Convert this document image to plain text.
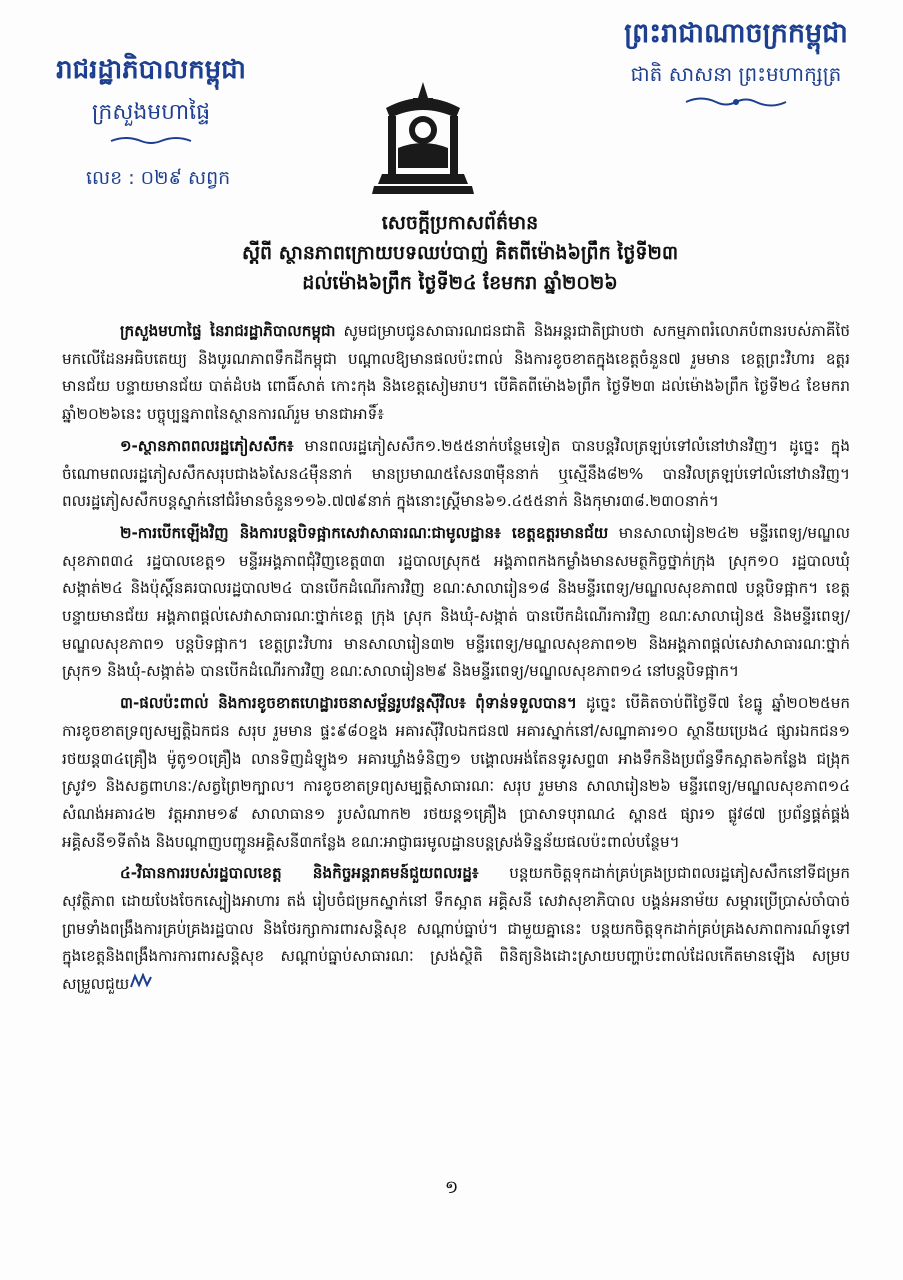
ព្រះរាជាណាចក្រកម្ពុជា
ជាតិ សាសនា ព្រះមហាក្សត្រ
រាជរដ្ឋាភិបាលកម្ពុជា
ក្រសួងមហាផ្ទៃ
លេខ : ០២៩ សព្វក
សេចក្តីប្រកាសព័ត៌មាន
ស្តីពី ស្ថានភាពក្រោយបទឈប់បាញ់ គិតពីម៉ោង៦ព្រឹក ថ្ងៃទី២៣
ដល់ម៉ោង៦ព្រឹក ថ្ងៃទី២៤ ខែមករា ឆ្នាំ២០២៦

ក្រសួងមហាផ្ទៃ នៃរាជរដ្ឋាភិបាលកម្ពុជា សូមជម្រាបជូនសាធារណជនជាតិ និងអន្តរជាតិជ្រាបថា សកម្មភាពរំលោភបំពានរបស់ភាគីថៃ មកលើដែនអធិបតេយ្យ និងបូរណភាពទឹកដីកម្ពុជា បណ្តាលឱ្យមានផលប៉ះពាល់ និងការខូចខាតក្នុងខេត្តចំនួន៧ រួមមាន ខេត្តព្រះវិហារ ឧត្តរមានជ័យ បន្ទាយមានជ័យ បាត់ដំបង ពោធិ៍សាត់ កោះកុង និងខេត្តសៀមរាប។ បើគិតពីម៉ោង៦ព្រឹក ថ្ងៃទី២៣ ដល់ម៉ោង៦ព្រឹក ថ្ងៃទី២៤ ខែមករា ឆ្នាំ២០២៦នេះ បច្ចុប្បន្នភាពនៃស្ថានការណ៍រួម មានជាអាទិ៍៖

១-ស្ថានភាពពលរដ្ឋភៀសសឹក៖ មានពលរដ្ឋភៀសសឹក១.២៥៥នាក់បន្ថែមទៀត បានបន្តវិលត្រឡប់ទៅលំនៅឋានវិញ។ ដូច្នេះ ក្នុងចំណោមពលរដ្ឋភៀសសឹកសរុបជាង៦សែន៤ម៉ឺននាក់ មានប្រមាណ៥សែន៣ម៉ឺននាក់ ឬស្មើនឹង៨២% បានវិលត្រឡប់ទៅលំនៅឋានវិញ។ ពលរដ្ឋភៀសសឹកបន្តស្នាក់នៅជំរំមានចំនួន១១៦.៧៧៩នាក់ ក្នុងនោះស្ត្រីមាន៦១.៤៥៥នាក់ និងកុមារ៣៨.២៣០នាក់។

២-ការបើកឡើងវិញ និងការបន្តបិទផ្អាកសេវាសាធារណៈជាមូលដ្ឋាន៖ ខេត្តឧត្តរមានជ័យ មានសាលារៀន២៤២ មន្ទីរពេទ្យ/មណ្ឌលសុខភាព៣៤ រដ្ឋបាលខេត្ត១ មន្ទីរអង្គភាពជុំវិញខេត្ត៣៣ រដ្ឋបាលស្រុក៥ អង្គភាពកងកម្លាំងមានសមត្ថកិច្ចថ្នាក់ក្រុង ស្រុក១០ រដ្ឋបាលឃុំសង្កាត់២៤ និងប៉ុស្តិ៍នគរបាលរដ្ឋបាល២៤ បានបើកដំណើរការវិញ ខណៈសាលារៀន១៨ និងមន្ទីរពេទ្យ/មណ្ឌលសុខភាព៧ បន្តបិទផ្អាក។ ខេត្តបន្ទាយមានជ័យ អង្គភាពផ្តល់សេវាសាធារណៈថ្នាក់ខេត្ត ក្រុង ស្រុក និងឃុំ-សង្កាត់ បានបើកដំណើរការវិញ ខណៈសាលារៀន៥ និងមន្ទីរពេទ្យ/មណ្ឌលសុខភាព១ បន្តបិទផ្អាក។ ខេត្តព្រះវិហារ មានសាលារៀន៣២ មន្ទីរពេទ្យ/មណ្ឌលសុខភាព១២ និងអង្គភាពផ្តល់សេវាសាធារណៈថ្នាក់ស្រុក១ និងឃុំ-សង្កាត់៦ បានបើកដំណើរការវិញ ខណៈសាលារៀន២៩ និងមន្ទីរពេទ្យ/មណ្ឌលសុខភាព១៤ នៅបន្តបិទផ្អាក។

៣-ផលប៉ះពាល់ និងការខូចខាតហេដ្ឋារចនាសម្ព័ន្ធរូបវន្តស៊ីវិល៖ ពុំទាន់ទទួលបាន។ ដូច្នេះ បើគិតចាប់ពីថ្ងៃទី៧ ខែធ្នូ ឆ្នាំ២០២៥មក ការខូចខាតទ្រព្យសម្បត្តិឯកជន សរុប រួមមាន ផ្ទះ៩៨០ខ្នង អគារស៊ីវិលឯកជន៧ អគារស្នាក់នៅ/សណ្ឋាគារ១០ ស្ថានីយប្រេង៤ ផ្សារឯកជន១ រថយន្ត៣៤គ្រឿង ម៉ូតូ១០គ្រឿង លានទិញដំឡូង១ អគារឃ្លាំងទំនិញ១ បង្គោលអង់តែនទូរសព្ទ៣ អាងទឹកនិងប្រព័ន្ធទឹកស្អាត៦កន្លែង ជង្រុកស្រូវ១ និងសត្វពាហនៈ/សត្វព្រៃ២ក្បាល។ ការខូចខាតទ្រព្យសម្បត្តិសាធារណៈ សរុប រួមមាន សាលារៀន២៦ មន្ទីរពេទ្យ/មណ្ឌលសុខភាព១៤ សំណង់អគារ៤២ វត្តអារាម១៩ សាលាធាន១ រូបសំណាក២ រថយន្ត១គ្រឿង ប្រាសាទបុរាណ៤ ស្ពាន៥ ផ្សារ១ ផ្លូវ៨៧ ប្រព័ន្ធផ្គត់ផ្គង់អគ្គិសនី១ទីតាំង និងបណ្តាញបញ្ជូនអគ្គិសនី៣កន្លែង ខណៈអាជ្ញាធរមូលដ្ឋានបន្តស្រង់ទិន្នន័យផលប៉ះពាល់បន្ថែម។

៤-វិធានការរបស់រដ្ឋបាលខេត្ត និងកិច្ចអន្តរាគមន៍ជួយពលរដ្ឋ៖ បន្តយកចិត្តទុកដាក់គ្រប់គ្រងប្រជាពលរដ្ឋភៀសសឹកនៅទីជម្រកសុវត្ថិភាព ដោយបែងចែកស្បៀងអាហារ តង់ រៀបចំជម្រកស្នាក់នៅ ទឹកស្អាត អគ្គិសនី សេវាសុខាភិបាល បង្គន់អនាម័យ សម្ភារប្រើប្រាស់ចាំបាច់ ព្រមទាំងពង្រឹងការគ្រប់គ្រងរដ្ឋបាល និងថែរក្សាការពារសន្តិសុខ សណ្តាប់ធ្នាប់។ ជាមួយគ្នានេះ បន្តយកចិត្តទុកដាក់គ្រប់គ្រងសភាពការណ៍ទូទៅក្នុងខេត្តនិងពង្រឹងការការពារសន្តិសុខ សណ្តាប់ធ្នាប់សាធារណៈ ស្រង់ស្ថិតិ ពិនិត្យនិងដោះស្រាយបញ្ហាប៉ះពាល់ដែលកើតមានឡើង សម្របសម្រួលជួយ

១
